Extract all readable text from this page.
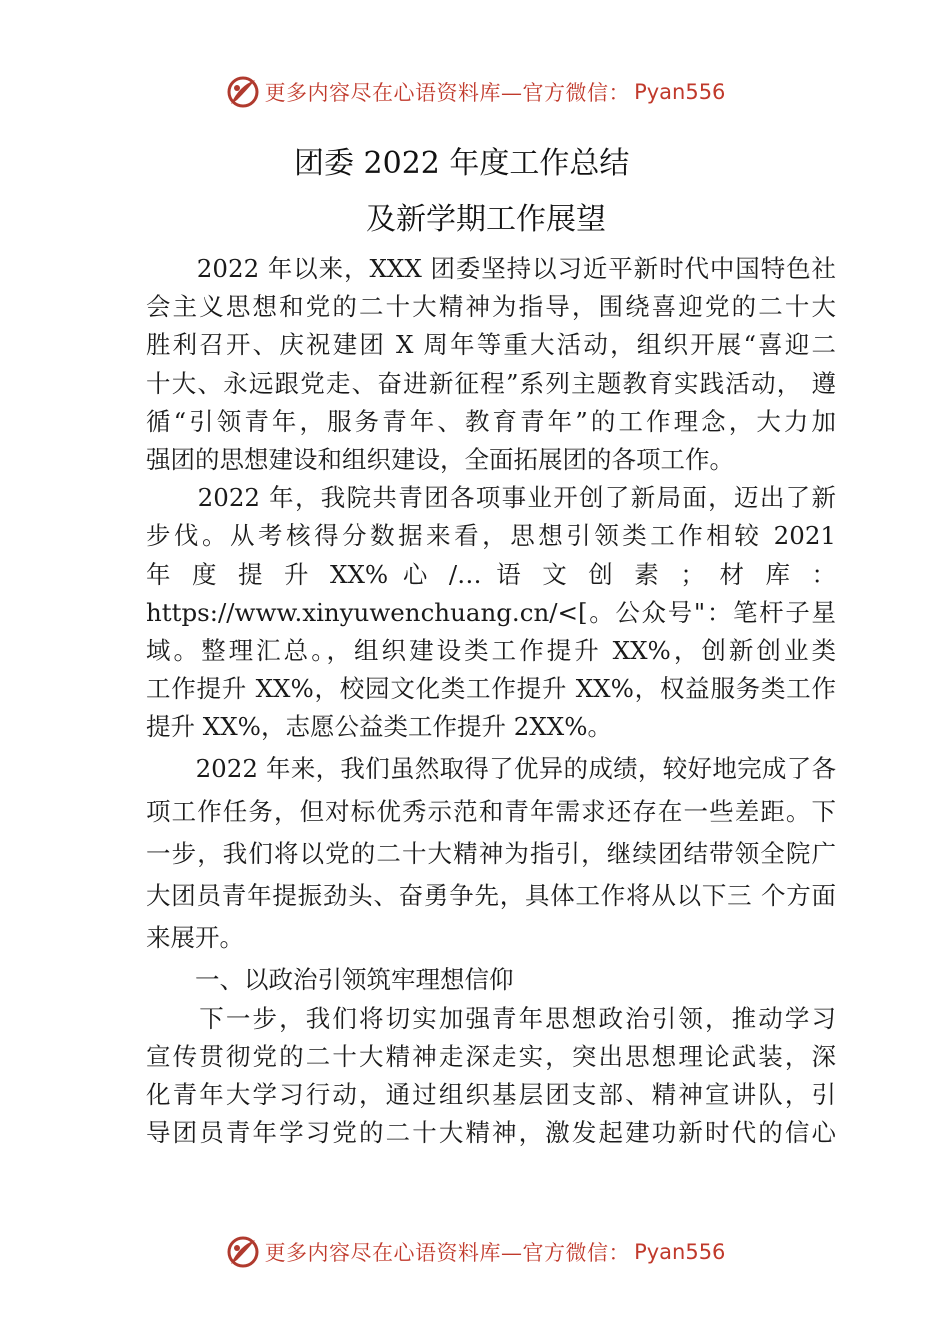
更多内容尽在心语资料库—官方微信： Pyan556
团委 2022 年度工作总结
及新学期工作展望
　　2022 年以来，XXX 团委坚持以习近平新时代中国特色社
会主义思想和党的二十大精神为指导，围绕喜迎党的二十大
胜利召开、庆祝建团 X 周年等重大活动，组织开展“喜迎二
十大、永远跟党走、奋进新征程”系列主题教育实践活动， 遵
循“引领青年，服务青年、教育青年”的工作理念，大力加
强团的思想建设和组织建设，全面拓展团的各项工作。
　　2022 年，我院共青团各项事业开创了新局面，迈出了新
步伐。从考核得分数据来看，思想引领类工作相较 2021
年 度 提 升 XX% 心 /… 语 文 创 素 ； 材 库 ：
https://www.xinyuwenchuang.cn/<[。公众号"：笔杆子星
域。整理汇总。，组织建设类工作提升 XX%，创新创业类
工作提升 XX%，校园文化类工作提升 XX%，权益服务类工作
提升 XX%，志愿公益类工作提升 2XX%。
　　2022 年来，我们虽然取得了优异的成绩，较好地完成了各
项工作任务，但对标优秀示范和青年需求还存在一些差距。下
一步，我们将以党的二十大精神为指引，继续团结带领全院广
大团员青年提振劲头、奋勇争先，具体工作将从以下三 个方面
来展开。
　　一、以政治引领筑牢理想信仰
　　下一步，我们将切实加强青年思想政治引领，推动学习
宣传贯彻党的二十大精神走深走实，突出思想理论武装，深
化青年大学习行动，通过组织基层团支部、精神宣讲队，引
导团员青年学习党的二十大精神，激发起建功新时代的信心
更多内容尽在心语资料库—官方微信： Pyan556
